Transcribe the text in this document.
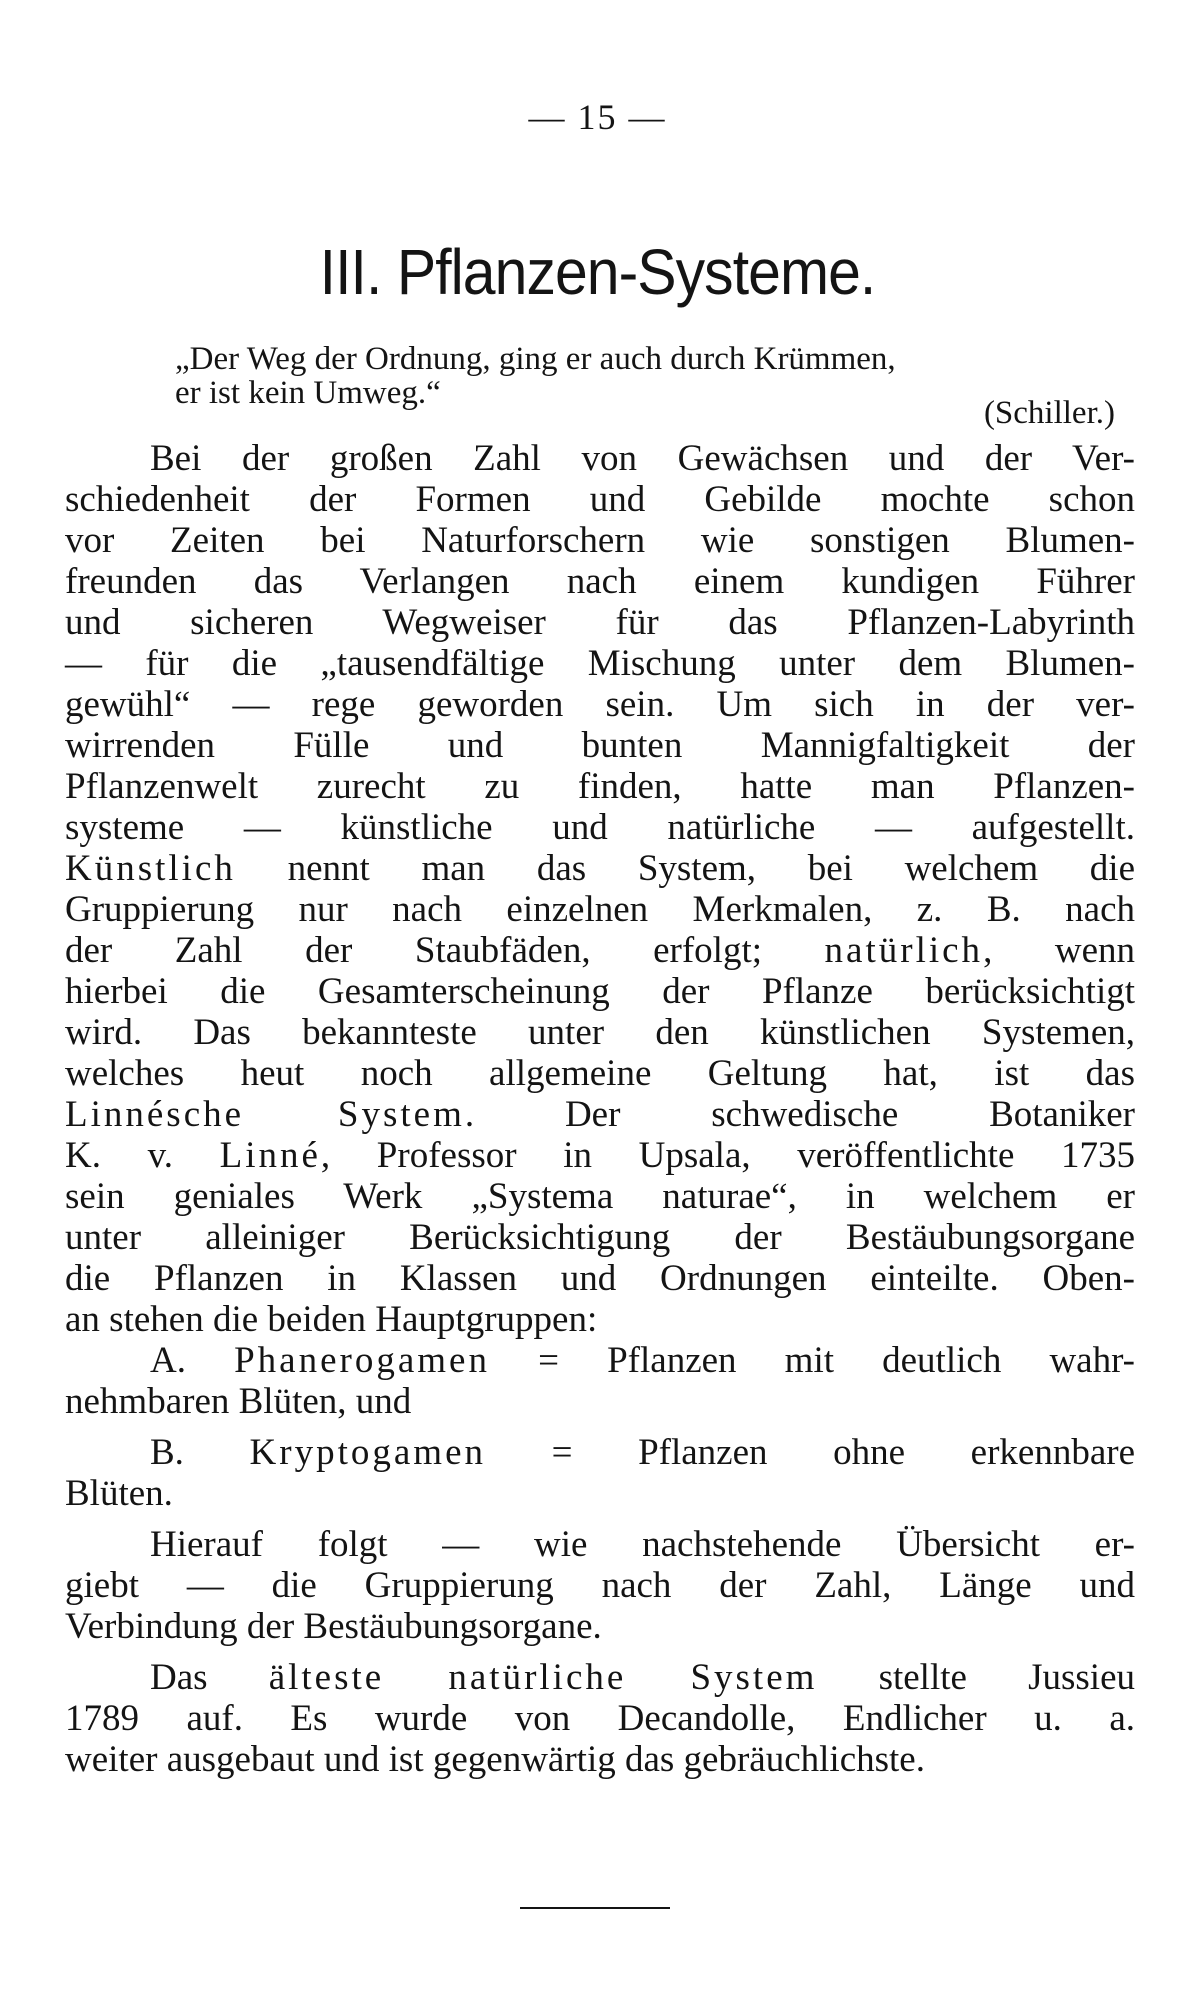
— 15 —
III. Pflanzen-Systeme.
„Der Weg der Ordnung, ging er auch durch Krümmen,
er ist kein Umweg.“
(Schiller.)
Bei der großen Zahl von Gewächsen und der Ver-
schiedenheit der Formen und Gebilde mochte schon
vor Zeiten bei Naturforschern wie sonstigen Blumen-
freunden das Verlangen nach einem kundigen Führer
und sicheren Wegweiser für das Pflanzen-Labyrinth
— für die „tausendfältige Mischung unter dem Blumen-
gewühl“ — rege geworden sein. Um sich in der ver-
wirrenden Fülle und bunten Mannigfaltigkeit der
Pflanzenwelt zurecht zu finden, hatte man Pflanzen-
systeme — künstliche und natürliche — aufgestellt.
Künstlich nennt man das System, bei welchem die
Gruppierung nur nach einzelnen Merkmalen, z. B. nach
der Zahl der Staubfäden, erfolgt; natürlich, wenn
hierbei die Gesamterscheinung der Pflanze berücksichtigt
wird. Das bekannteste unter den künstlichen Systemen,
welches heut noch allgemeine Geltung hat, ist das
Linnésche System. Der schwedische Botaniker
K. v. Linné, Professor in Upsala, veröffentlichte 1735
sein geniales Werk „Systema naturae“, in welchem er
unter alleiniger Berücksichtigung der Bestäubungsorgane
die Pflanzen in Klassen und Ordnungen einteilte. Oben-
an stehen die beiden Hauptgruppen:
A. Phanerogamen = Pflanzen mit deutlich wahr-
nehmbaren Blüten, und
B. Kryptogamen = Pflanzen ohne erkennbare
Blüten.
Hierauf folgt — wie nachstehende Übersicht er-
giebt — die Gruppierung nach der Zahl, Länge und
Verbindung der Bestäubungsorgane.
Das älteste natürliche System stellte Jussieu
1789 auf. Es wurde von Decandolle, Endlicher u. a.
weiter ausgebaut und ist gegenwärtig das gebräuchlichste.
